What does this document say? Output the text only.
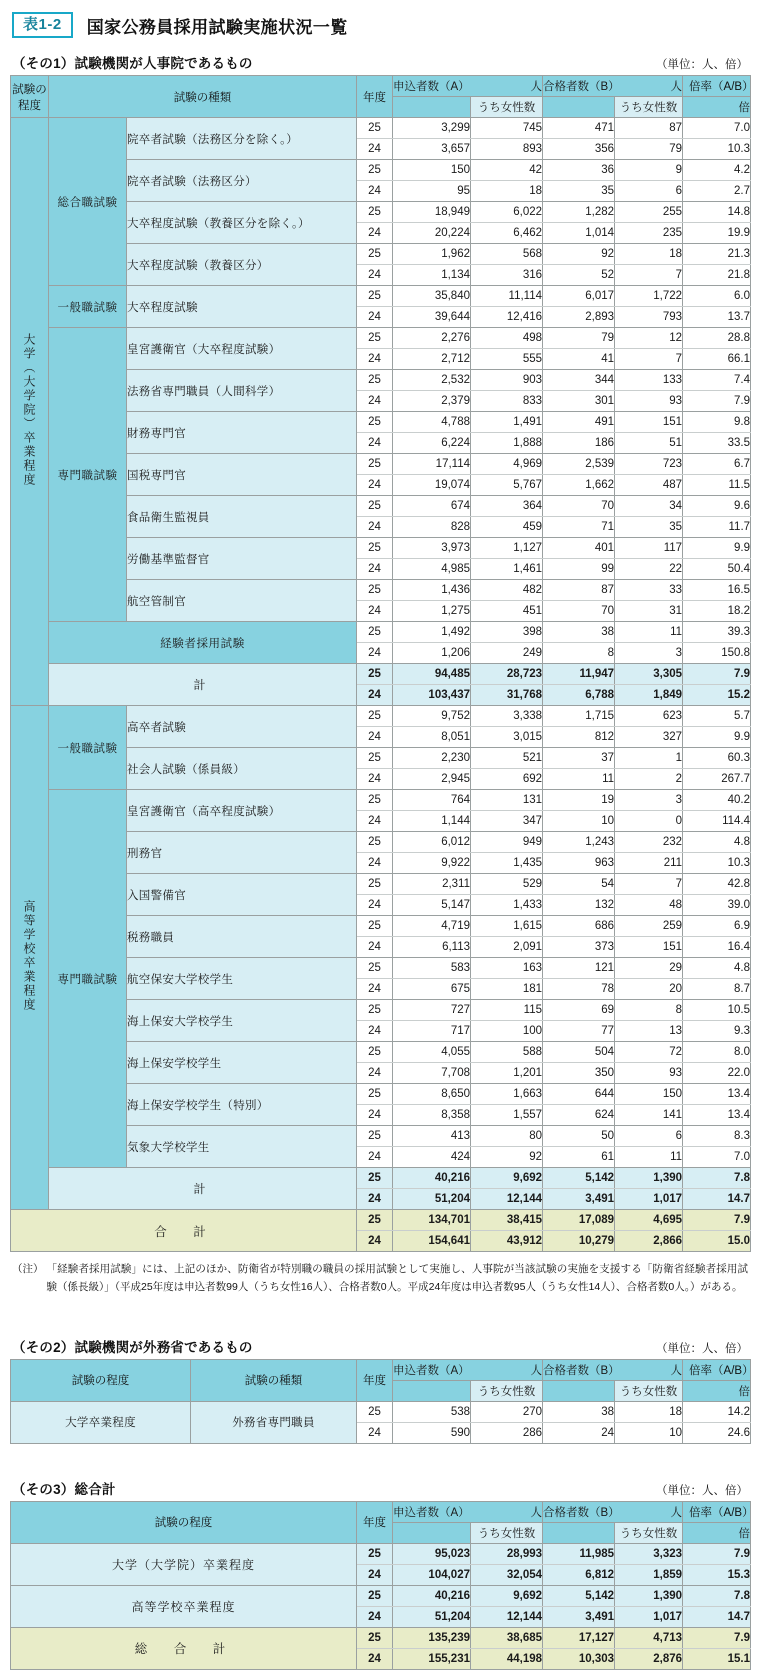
表1-2	国家公務員採用試験実施状況一覧
（その1）試験機関が人事院であるもの	（単位：人、倍）
試験の程度	試験の種類		年度	申込者数（A） 人		合格者数（B） 人		倍率（A/B）
					うち女性数		うち女性数	倍
大学（大学院）卒業程度	総合職試験	院卒者試験（法務区分を除く。）	25	3,299	745	471	87	7.0
			24	3,657	893	356	79	10.3
		院卒者試験（法務区分）	25	150	42	36	9	4.2
			24	95	18	35	6	2.7
		大卒程度試験（教養区分を除く。）	25	18,949	6,022	1,282	255	14.8
			24	20,224	6,462	1,014	235	19.9
		大卒程度試験（教養区分）	25	1,962	568	92	18	21.3
			24	1,134	316	52	7	21.8
	一般職試験	大卒程度試験	25	35,840	11,114	6,017	1,722	6.0
			24	39,644	12,416	2,893	793	13.7
	専門職試験	皇宮護衛官（大卒程度試験）	25	2,276	498	79	12	28.8
			24	2,712	555	41	7	66.1
		法務省専門職員（人間科学）	25	2,532	903	344	133	7.4
			24	2,379	833	301	93	7.9
		財務専門官	25	4,788	1,491	491	151	9.8
			24	6,224	1,888	186	51	33.5
		国税専門官	25	17,114	4,969	2,539	723	6.7
			24	19,074	5,767	1,662	487	11.5
		食品衛生監視員	25	674	364	70	34	9.6
			24	828	459	71	35	11.7
		労働基準監督官	25	3,973	1,127	401	117	9.9
			24	4,985	1,461	99	22	50.4
		航空管制官	25	1,436	482	87	33	16.5
			24	1,275	451	70	31	18.2
	経験者採用試験		25	1,492	398	38	11	39.3
			24	1,206	249	8	3	150.8
	計		25	94,485	28,723	11,947	3,305	7.9
			24	103,437	31,768	6,788	1,849	15.2
高等学校卒業程度	一般職試験	高卒者試験	25	9,752	3,338	1,715	623	5.7
			24	8,051	3,015	812	327	9.9
		社会人試験（係員級）	25	2,230	521	37	1	60.3
			24	2,945	692	11	2	267.7
	専門職試験	皇宮護衛官（高卒程度試験）	25	764	131	19	3	40.2
			24	1,144	347	10	0	114.4
		刑務官	25	6,012	949	1,243	232	4.8
			24	9,922	1,435	963	211	10.3
		入国警備官	25	2,311	529	54	7	42.8
			24	5,147	1,433	132	48	39.0
		税務職員	25	4,719	1,615	686	259	6.9
			24	6,113	2,091	373	151	16.4
		航空保安大学校学生	25	583	163	121	29	4.8
			24	675	181	78	20	8.7
		海上保安大学校学生	25	727	115	69	8	10.5
			24	717	100	77	13	9.3
		海上保安学校学生	25	4,055	588	504	72	8.0
			24	7,708	1,201	350	93	22.0
		海上保安学校学生（特別）	25	8,650	1,663	644	150	13.4
			24	8,358	1,557	624	141	13.4
		気象大学校学生	25	413	80	50	6	8.3
			24	424	92	61	11	7.0
	計		25	40,216	9,692	5,142	1,390	7.8
			24	51,204	12,144	3,491	1,017	14.7
合　計			25	134,701	38,415	17,089	4,695	7.9
			24	154,641	43,912	10,279	2,866	15.0
（注） 「経験者採用試験」には、上記のほか、防衛省が特別職の職員の採用試験として実施し、人事院が当該試験の実施を支援する「防衛省経験者採用試験（係長級）」（平成25年度は申込者数99人（うち女性16人）、合格者数0人。平成24年度は申込者数95人（うち女性14人）、合格者数0人。）がある。
（その2）試験機関が外務省であるもの	（単位：人、倍）
試験の程度	試験の種類	年度	申込者数（A） 人		合格者数（B） 人		倍率（A/B）
				うち女性数		うち女性数	倍
大学卒業程度	外務省専門職員	25	538	270	38	18	14.2
		24	590	286	24	10	24.6
（その3）総合計	（単位：人、倍）
試験の程度	年度	申込者数（A） 人		合格者数（B） 人		倍率（A/B）
			うち女性数		うち女性数	倍
大学（大学院）卒業程度	25	95,023	28,993	11,985	3,323	7.9
	24	104,027	32,054	6,812	1,859	15.3
高等学校卒業程度	25	40,216	9,692	5,142	1,390	7.8
	24	51,204	12,144	3,491	1,017	14.7
総　合　計	25	135,239	38,685	17,127	4,713	7.9
	24	155,231	44,198	10,303	2,876	15.1
